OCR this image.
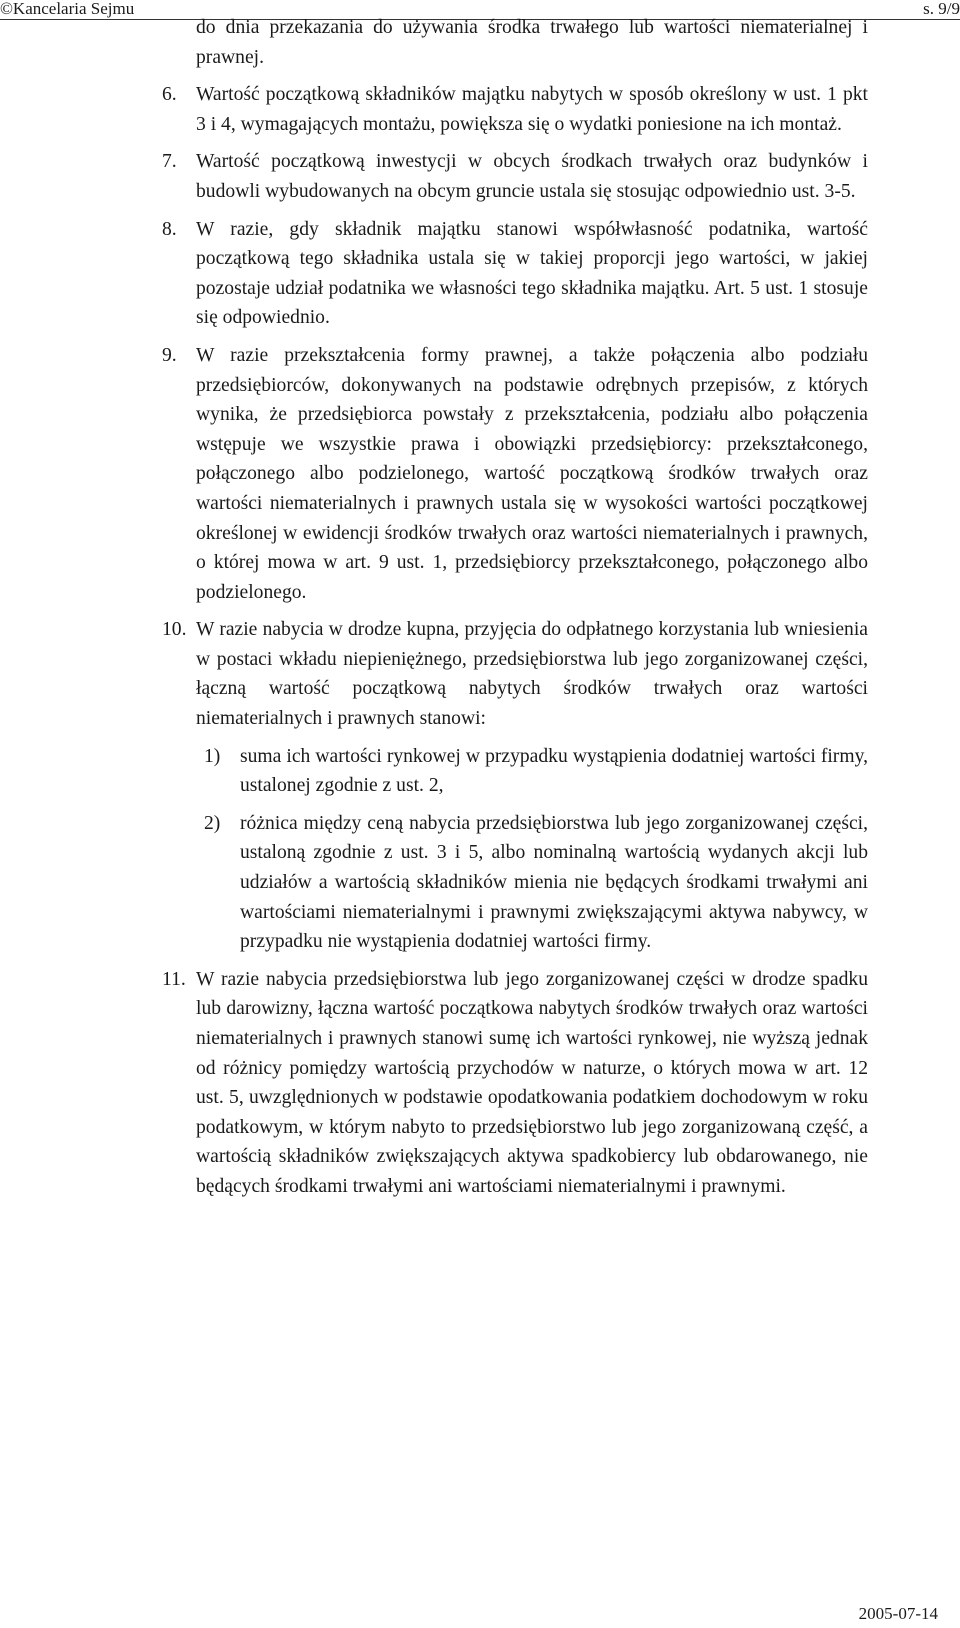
©Kancelaria Sejmu	s. 9/9

do dnia przekazania do używania środka trwałego lub wartości niematerialnej i prawnej.

6. Wartość początkową składników majątku nabytych w sposób określony w ust. 1 pkt 3 i 4, wymagających montażu, powiększa się o wydatki poniesione na ich montaż.

7. Wartość początkową inwestycji w obcych środkach trwałych oraz budynków i budowli wybudowanych na obcym gruncie ustala się stosując odpowiednio ust. 3-5.

8. W razie, gdy składnik majątku stanowi współwłasność podatnika, wartość początkową tego składnika ustala się w takiej proporcji jego wartości, w jakiej pozostaje udział podatnika we własności tego składnika majątku. Art. 5 ust. 1 stosuje się odpowiednio.

9. W razie przekształcenia formy prawnej, a także połączenia albo podziału przedsiębiorców, dokonywanych na podstawie odrębnych przepisów, z których wynika, że przedsiębiorca powstały z przekształcenia, podziału albo połączenia wstępuje we wszystkie prawa i obowiązki przedsiębiorcy: przekształconego, połączonego albo podzielonego, wartość początkową środków trwałych oraz wartości niematerialnych i prawnych ustala się w wysokości wartości początkowej określonej w ewidencji środków trwałych oraz wartości niematerialnych i prawnych, o której mowa w art. 9 ust. 1, przedsiębiorcy przekształconego, połączonego albo podzielonego.

10. W razie nabycia w drodze kupna, przyjęcia do odpłatnego korzystania lub wniesienia w postaci wkładu niepieniężnego, przedsiębiorstwa lub jego zorganizowanej części, łączną wartość początkową nabytych środków trwałych oraz wartości niematerialnych i prawnych stanowi:

1)	suma ich wartości rynkowej w przypadku wystąpienia dodatniej wartości firmy, ustalonej zgodnie z ust. 2,

2)	różnica między ceną nabycia przedsiębiorstwa lub jego zorganizowanej części, ustaloną zgodnie z ust. 3 i 5, albo nominalną wartością wydanych akcji lub udziałów a wartością składników mienia nie będących środkami trwałymi ani wartościami niematerialnymi i prawnymi zwiększającymi aktywa nabywcy, w przypadku nie wystąpienia dodatniej wartości firmy.

11. W razie nabycia przedsiębiorstwa lub jego zorganizowanej części w drodze spadku lub darowizny, łączna wartość początkowa nabytych środków trwałych oraz wartości niematerialnych i prawnych stanowi sumę ich wartości rynkowej, nie wyższą jednak od różnicy pomiędzy wartością przychodów w naturze, o których mowa w art. 12 ust. 5, uwzględnionych w podstawie opodatkowania podatkiem dochodowym w roku podatkowym, w którym nabyto to przedsiębiorstwo lub jego zorganizowaną część, a wartością składników zwiększających aktywa spadkobiercy lub obdarowanego, nie będących środkami trwałymi ani wartościami niematerialnymi i prawnymi.

2005-07-14
